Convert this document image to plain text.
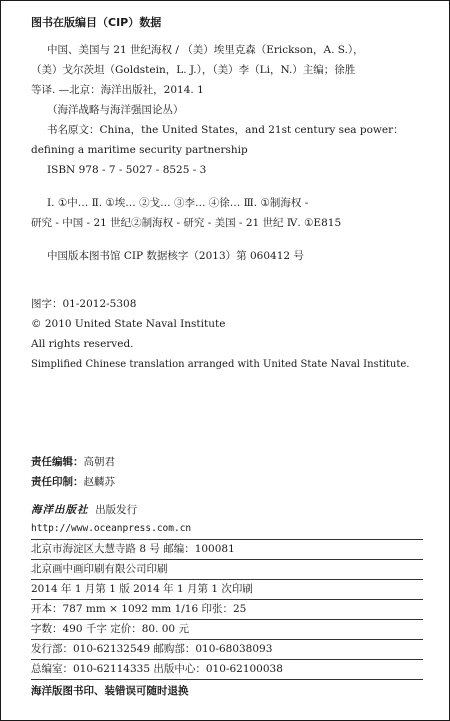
图书在版编目（CIP）数据
中国、美国与 21 世纪海权 / （美）埃里克森（Erickson，A. S.），
（美）戈尔茨坦（Goldstein，L. J.），（美）李（Li，N.）主编；徐胜
等译. —北京：海洋出版社，2014. 1
（海洋战略与海洋强国论丛）
书名原文：China，the United States，and 21st century sea power：
defining a maritime security partnership
ISBN 978 - 7 - 5027 - 8525 - 3
Ⅰ. ①中… Ⅱ. ①埃… ②戈… ③李… ④徐… Ⅲ. ①制海权 -
研究 - 中国 - 21 世纪②制海权 - 研究 - 美国 - 21 世纪 Ⅳ. ①E815
中国版本图书馆 CIP 数据核字（2013）第 060412 号
图字：01-2012-5308
© 2010 United State Naval Institute
All rights reserved.
Simplified Chinese translation arranged with United State Naval Institute.
责任编辑：高朝君
责任印制：赵麟苏
海洋出版社 出版发行
http://www.oceanpress.com.cn
北京市海淀区大慧寺路 8 号 邮编：100081
北京画中画印刷有限公司印刷
2014 年 1 月第 1 版 2014 年 1 月第 1 次印刷
开本：787 mm × 1092 mm 1/16 印张：25
字数：490 千字 定价：80. 00 元
发行部：010-62132549 邮购部：010-68038093
总编室：010-62114335 出版中心：010-62100038
海洋版图书印、装错误可随时退换
